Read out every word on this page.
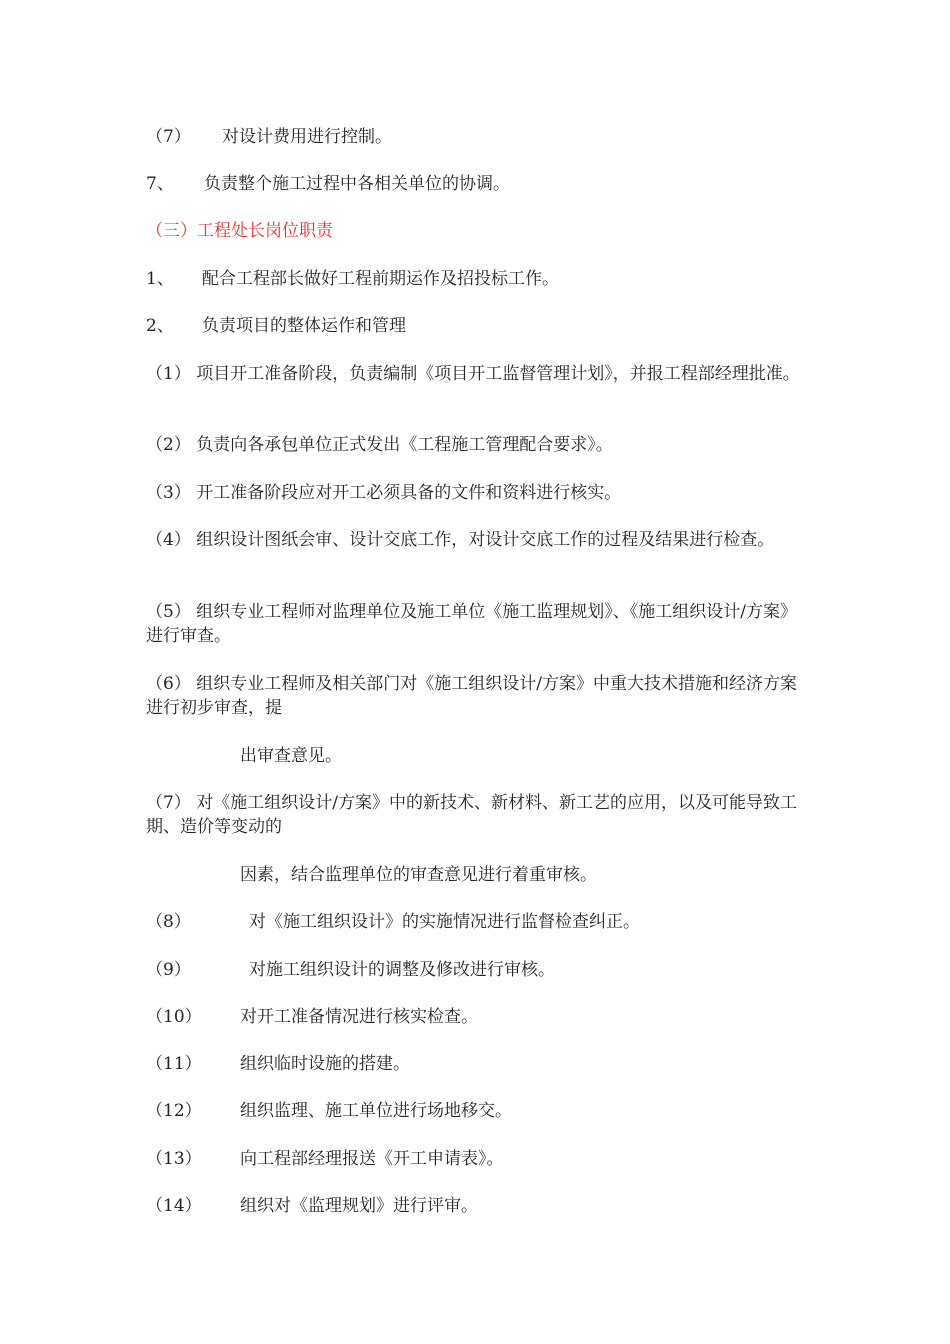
（7） 对设计费用进行控制。
7、 负责整个施工过程中各相关单位的协调。
（三）工程处长岗位职责
1、 配合工程部长做好工程前期运作及招投标工作。
2、 负责项目的整体运作和管理
（1） 项目开工准备阶段，负责编制《项目开工监督管理计划》，并报工程部经理批准。
（2） 负责向各承包单位正式发出《工程施工管理配合要求》。
（3） 开工准备阶段应对开工必须具备的文件和资料进行核实。
（4） 组织设计图纸会审、设计交底工作，对设计交底工作的过程及结果进行检查。
（5） 组织专业工程师对监理单位及施工单位《施工监理规划》、《施工组织设计/方案》进行审查。
（6） 组织专业工程师及相关部门对《施工组织设计/方案》中重大技术措施和经济方案进行初步审查，提
出审查意见。
（7） 对《施工组织设计/方案》中的新技术、新材料、新工艺的应用，以及可能导致工期、造价等变动的
因素，结合监理单位的审查意见进行着重审核。
（8）	对《施工组织设计》的实施情况进行监督检查纠正。
（9）	对施工组织设计的调整及修改进行审核。
（10） 对开工准备情况进行核实检查。
（11） 组织临时设施的搭建。
（12） 组织监理、施工单位进行场地移交。
（13） 向工程部经理报送《开工申请表》。
（14） 组织对《监理规划》进行评审。
